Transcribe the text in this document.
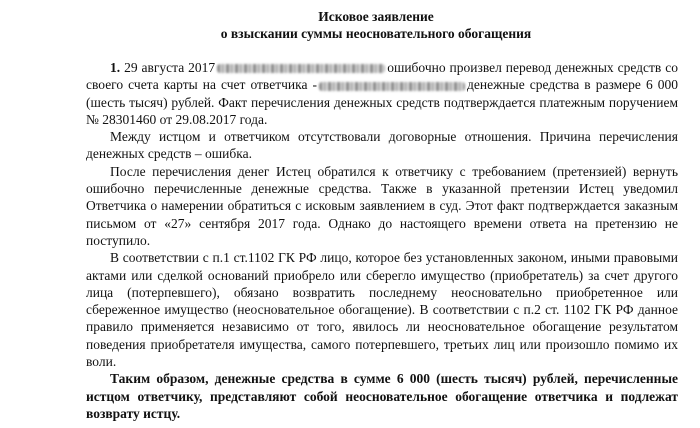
Исковое заявление

о взыскании суммы неосновательного обогащения

1. 29 августа 2017	ошибочно произвел перевод денежных средств со своего счета карты на счет ответчика -	денежные средства в размере 6 000 (шесть тысяч) рублей. Факт перечисления денежных средств подтверждается платежным поручением № 28301460 от 29.08.2017 года.

Между истцом и ответчиком отсутствовали договорные отношения. Причина перечисления денежных средств – ошибка.

После перечисления денег Истец обратился к ответчику с требованием (претензией) вернуть ошибочно перечисленные денежные средства. Также в указанной претензии Истец уведомил Ответчика о намерении обратиться с исковым заявлением в суд. Этот факт подтверждается заказным письмом от «27» сентября 2017 года. Однако до настоящего времени ответа на претензию не поступило.

В соответствии с п.1 ст.1102 ГК РФ лицо, которое без установленных законом, иными правовыми актами или сделкой оснований приобрело или сберегло имущество (приобретатель) за счет другого лица (потерпевшего), обязано возвратить последнему неосновательно приобретенное или сбереженное имущество (неосновательное обогащение). В соответствии с п.2 ст. 1102 ГК РФ данное правило применяется независимо от того, явилось ли неосновательное обогащение результатом поведения приобретателя имущества, самого потерпевшего, третьих лиц или произошло помимо их воли.

Таким образом, денежные средства в сумме 6 000 (шесть тысяч) рублей, перечисленные истцом ответчику, представляют собой неосновательное обогащение ответчика и подлежат возврату истцу.
